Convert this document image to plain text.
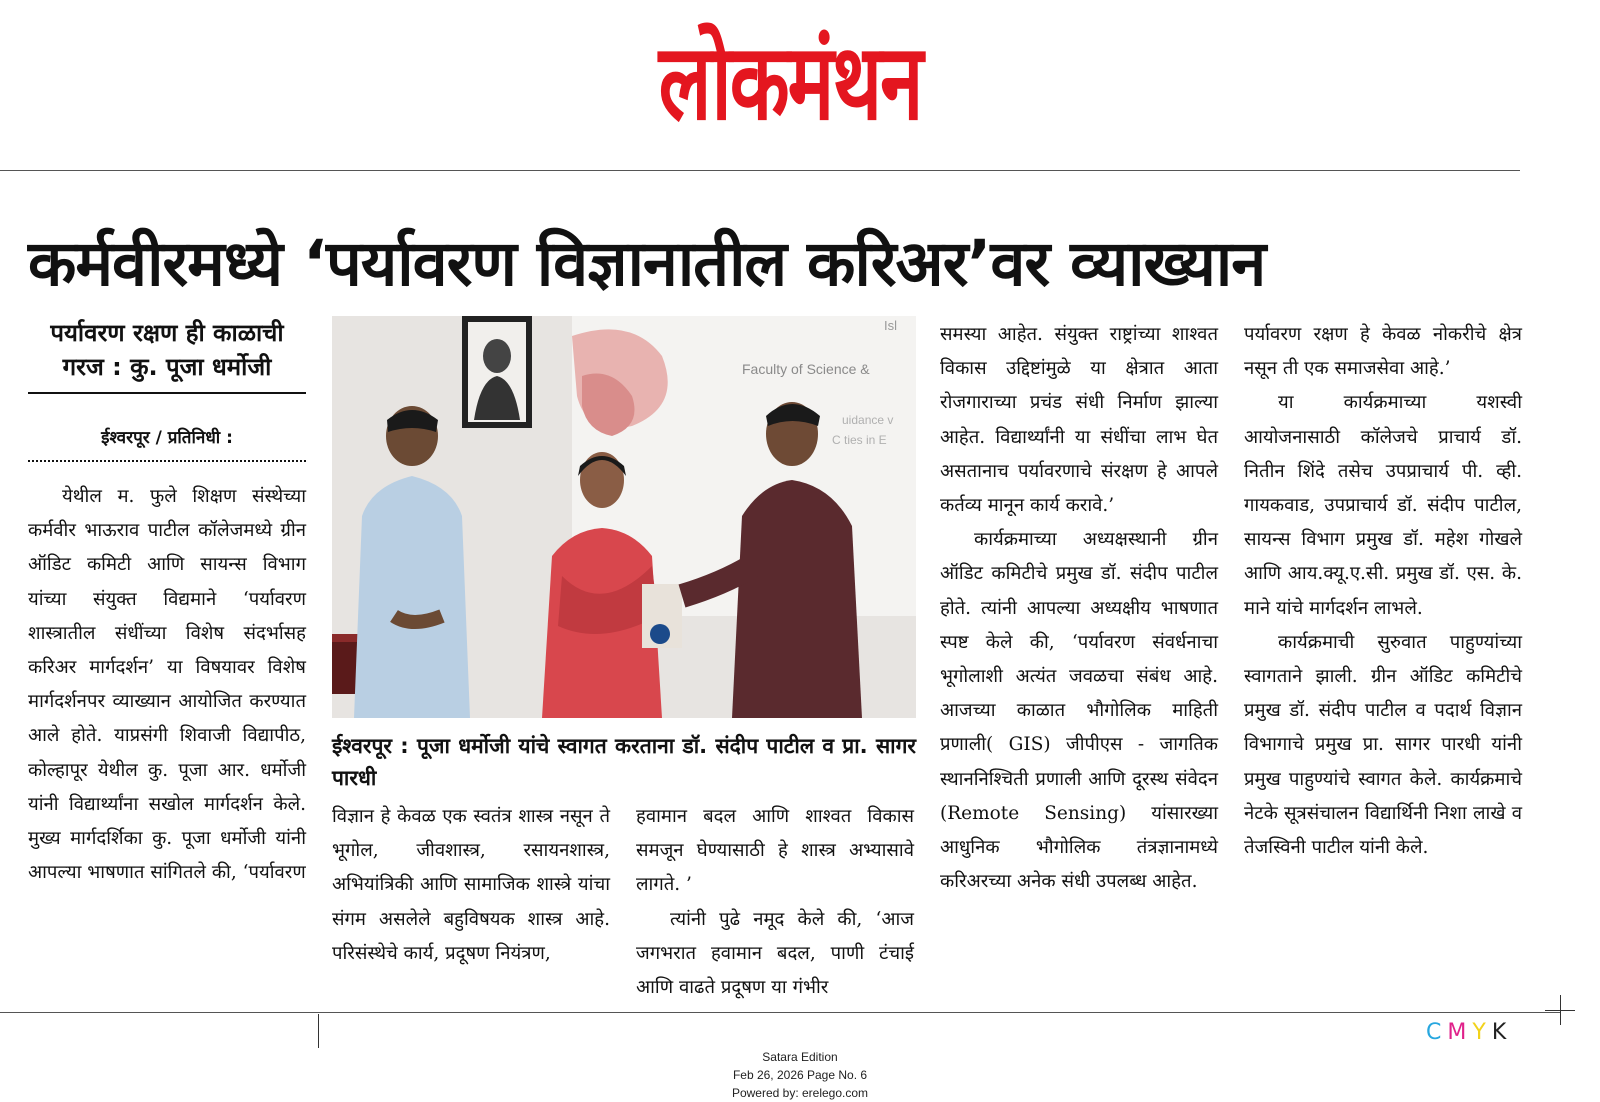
लोकमंथन
कर्मवीरमध्ये ‘पर्यावरण विज्ञानातील करिअर’वर व्याख्यान
पर्यावरण रक्षण ही काळाची
गरज : कु. पूजा धर्मोजी
ईश्वरपूर / प्रतिनिधी :

येथील म. फुले शिक्षण संस्थेच्या कर्मवीर भाऊराव पाटील कॉलेजमध्ये ग्रीन ऑडिट कमिटी आणि सायन्स विभाग यांच्या संयुक्त विद्यमाने ‘पर्यावरण शास्त्रातील संधींच्या विशेष संदर्भासह करिअर मार्गदर्शन’ या विषयावर विशेष मार्गदर्शनपर व्याख्यान आयोजित करण्यात आले होते. याप्रसंगी शिवाजी विद्यापीठ, कोल्हापूर येथील कु. पूजा आर. धर्मोजी यांनी विद्यार्थ्यांना सखोल मार्गदर्शन केले. मुख्य मार्गदर्शिका कु. पूजा धर्मोजी यांनी आपल्या भाषणात सांगितले की, ‘पर्यावरण

Isl
Faculty of Science &
uidance v
C ties in E
ईश्वरपूर : पूजा धर्मोजी यांचे स्वागत करताना डॉ. संदीप पाटील व प्रा. सागर पारधी

विज्ञान हे केवळ एक स्वतंत्र शास्त्र नसून ते भूगोल, जीवशास्त्र, रसायनशास्त्र, अभियांत्रिकी आणि सामाजिक शास्त्रे यांचा संगम असलेले बहुविषयक शास्त्र आहे. परिसंस्थेचे कार्य, प्रदूषण नियंत्रण,

हवामान बदल आणि शाश्वत विकास समजून घेण्यासाठी हे शास्त्र अभ्यासावे लागते. ’

त्यांनी पुढे नमूद केले की, ‘आज जगभरात हवामान बदल, पाणी टंचाई आणि वाढते प्रदूषण या गंभीर

समस्या आहेत. संयुक्त राष्ट्रांच्या शाश्वत विकास उद्दिष्टांमुळे या क्षेत्रात आता रोजगाराच्या प्रचंड संधी निर्माण झाल्या आहेत. विद्यार्थ्यांनी या संधींचा लाभ घेत असतानाच पर्यावरणाचे संरक्षण हे आपले कर्तव्य मानून कार्य करावे.’

कार्यक्रमाच्या अध्यक्षस्थानी ग्रीन ऑडिट कमिटीचे प्रमुख डॉ. संदीप पाटील होते. त्यांनी आपल्या अध्यक्षीय भाषणात स्पष्ट केले की, ‘पर्यावरण संवर्धनाचा भूगोलाशी अत्यंत जवळचा संबंध आहे. आजच्या काळात भौगोलिक माहिती प्रणाली( GIS) जीपीएस - जागतिक स्थाननिश्चिती प्रणाली आणि दूरस्थ संवेदन (Remote Sensing) यांसारख्या आधुनिक भौगोलिक तंत्रज्ञानामध्ये करिअरच्या अनेक संधी उपलब्ध आहेत.

पर्यावरण रक्षण हे केवळ नोकरीचे क्षेत्र नसून ती एक समाजसेवा आहे.’

या कार्यक्रमाच्या यशस्वी आयोजनासाठी कॉलेजचे प्राचार्य डॉ. नितीन शिंदे तसेच उपप्राचार्य पी. व्ही. गायकवाड, उपप्राचार्य डॉ. संदीप पाटील, सायन्स विभाग प्रमुख डॉ. महेश गोखले आणि आय.क्यू.ए.सी. प्रमुख डॉ. एस. के. माने यांचे मार्गदर्शन लाभले.

कार्यक्रमाची सुरुवात पाहुण्यांच्या स्वागताने झाली. ग्रीन ऑडिट कमिटीचे प्रमुख डॉ. संदीप पाटील व पदार्थ विज्ञान विभागाचे प्रमुख प्रा. सागर पारधी यांनी प्रमुख पाहुण्यांचे स्वागत केले. कार्यक्रमाचे नेटके सूत्रसंचालन विद्यार्थिनी निशा लाखे व तेजस्विनी पाटील यांनी केले.

CMYK
Satara Edition
Feb 26, 2026 Page No. 6
Powered by: erelego.com
